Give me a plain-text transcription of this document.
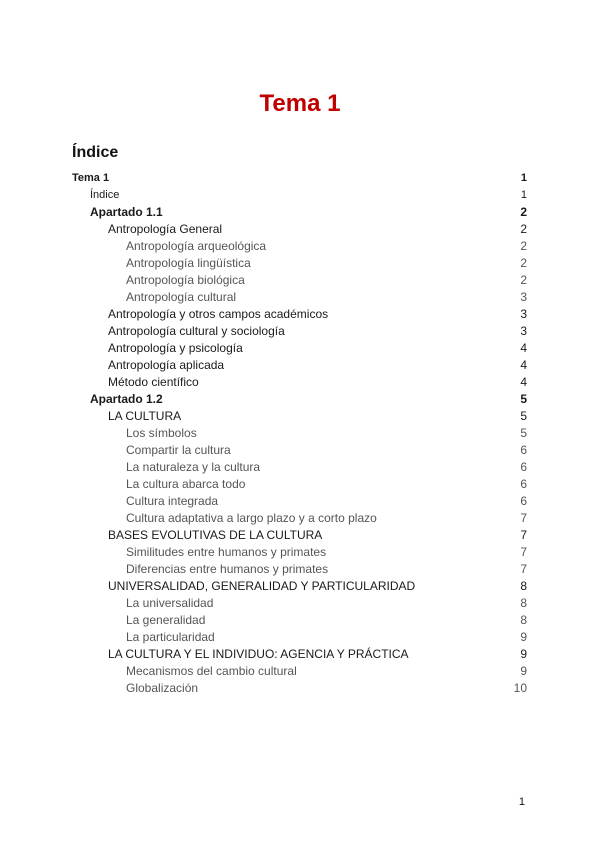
Tema 1
Índice
Tema 1	1
Índice	1
Apartado 1.1	2
Antropología General	2
Antropología arqueológica	2
Antropología lingüística	2
Antropología biológica	2
Antropología cultural	3
Antropología y otros campos académicos	3
Antropología cultural y sociología	3
Antropología y psicología	4
Antropología aplicada	4
Método científico	4
Apartado 1.2	5
LA CULTURA	5
Los símbolos	5
Compartir la cultura	6
La naturaleza y la cultura	6
La cultura abarca todo	6
Cultura integrada	6
Cultura adaptativa a largo plazo y a corto plazo	7
BASES EVOLUTIVAS DE LA CULTURA	7
Similitudes entre humanos y primates	7
Diferencias entre humanos y primates	7
UNIVERSALIDAD, GENERALIDAD Y PARTICULARIDAD	8
La universalidad	8
La generalidad	8
La particularidad	9
LA CULTURA Y EL INDIVIDUO: AGENCIA Y PRÁCTICA	9
Mecanismos del cambio cultural	9
Globalización	10
1
